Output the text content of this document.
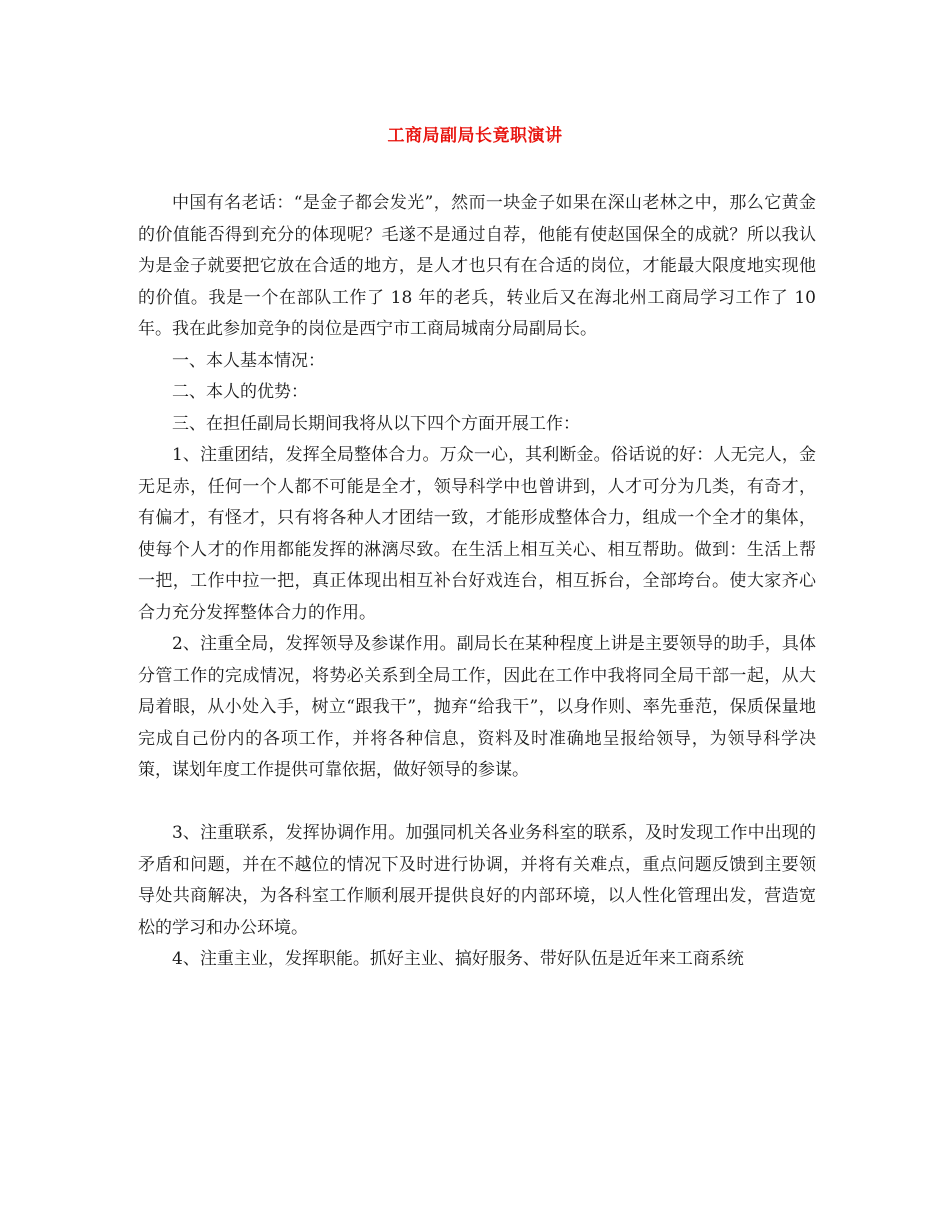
工商局副局长竟职演讲

中国有名老话：“是金子都会发光”，然而一块金子如果在深山老林之中，那么它黄金的价值能否得到充分的体现呢？毛遂不是通过自荐，他能有使赵国保全的成就？所以我认为是金子就要把它放在合适的地方，是人才也只有在合适的岗位，才能最大限度地实现他的价值。我是一个在部队工作了 18 年的老兵，转业后又在海北州工商局学习工作了 10 年。我在此参加竞争的岗位是西宁市工商局城南分局副局长。

一、本人基本情况：

二、本人的优势：

三、在担任副局长期间我将从以下四个方面开展工作：

1、注重团结，发挥全局整体合力。万众一心，其利断金。俗话说的好：人无完人，金无足赤，任何一个人都不可能是全才，领导科学中也曾讲到，人才可分为几类，有奇才，有偏才，有怪才，只有将各种人才团结一致，才能形成整体合力，组成一个全才的集体，使每个人才的作用都能发挥的淋漓尽致。在生活上相互关心、相互帮助。做到：生活上帮一把，工作中拉一把，真正体现出相互补台好戏连台，相互拆台，全部垮台。使大家齐心合力充分发挥整体合力的作用。

2、注重全局，发挥领导及参谋作用。副局长在某种程度上讲是主要领导的助手，具体分管工作的完成情况，将势必关系到全局工作，因此在工作中我将同全局干部一起，从大局着眼，从小处入手，树立“跟我干”，抛弃“给我干”，以身作则、率先垂范，保质保量地完成自己份内的各项工作，并将各种信息，资料及时准确地呈报给领导，为领导科学决策，谋划年度工作提供可靠依据，做好领导的参谋。

3、注重联系，发挥协调作用。加强同机关各业务科室的联系，及时发现工作中出现的矛盾和问题，并在不越位的情况下及时进行协调，并将有关难点，重点问题反馈到主要领导处共商解决，为各科室工作顺利展开提供良好的内部环境，以人性化管理出发，营造宽松的学习和办公环境。

4、注重主业，发挥职能。抓好主业、搞好服务、带好队伍是近年来工商系统
